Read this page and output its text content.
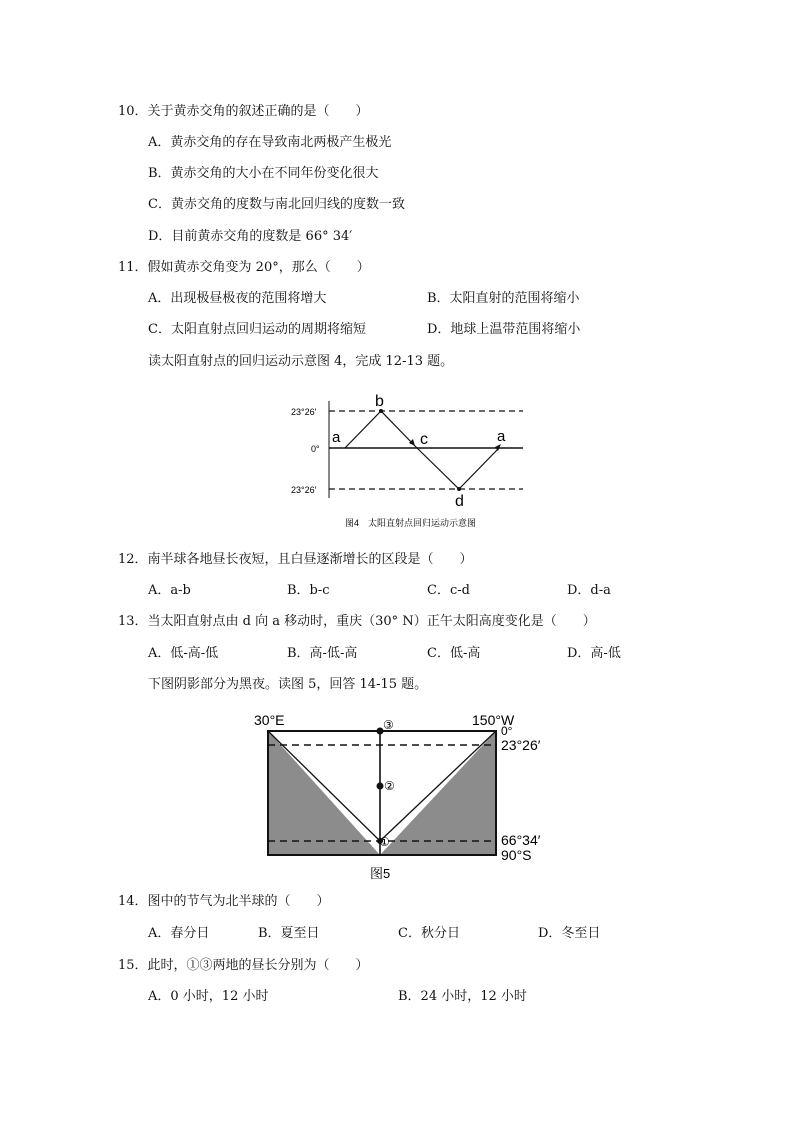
10．关于黄赤交角的叙述正确的是（　　）
A．黄赤交角的存在导致南北两极产生极光
B．黄赤交角的大小在不同年份变化很大
C．黄赤交角的度数与南北回归线的度数一致
D．目前黄赤交角的度数是 66° 34′
11．假如黄赤交角变为 20°，那么（　　）
A．出现极昼极夜的范围将增大	B．太阳直射的范围将缩小
C．太阳直射点回归运动的周期将缩短	D．地球上温带范围将缩小
读太阳直射点的回归运动示意图 4，完成 12-13 题。
23°26′
0°
23°26′
a
b
c	a
d
图4　太阳直射点回归运动示意图
12．南半球各地昼长夜短，且白昼逐渐增长的区段是（　　）
A．a-b	B．b-c	C．c-d	D．d-a
13．当太阳直射点由 d 向 a 移动时，重庆（30° N）正午太阳高度变化是（　　）
A．低-高-低	B．高-低-高	C．低-高	D．高-低
下图阴影部分为黑夜。读图 5，回答 14-15 题。
③
②
①
30°E	150°W
0°
23°26′
66°34′
90°S
图5
14．图中的节气为北半球的（　　）
A．春分日	B．夏至日	C．秋分日	D．冬至日
15．此时，①③两地的昼长分别为（　　）
A．0 小时，12 小时	B．24 小时，12 小时
